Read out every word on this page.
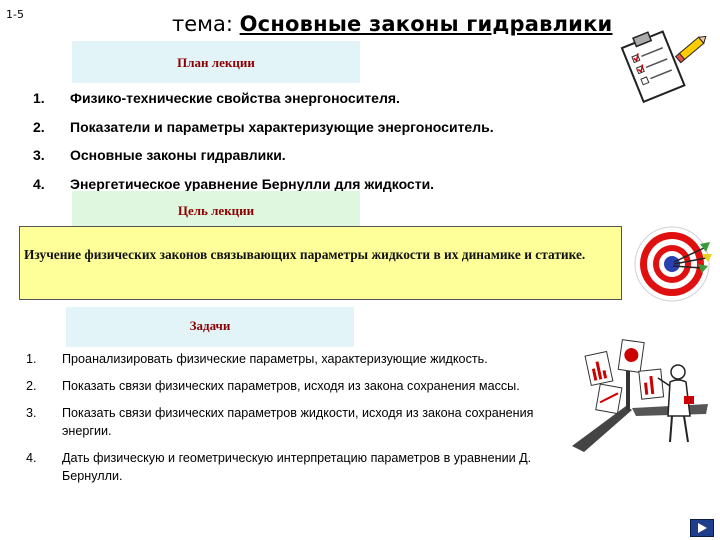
1-5	тема: Основные законы гидравлики
План лекции
1.	Физико-технические свойства энергоносителя.
2.	Показатели и параметры характеризующие энергоноситель.
3.	Основные законы гидравлики.
4.	Энергетическое уравнение Бернулли для жидкости.
Цель лекции
Изучение физических законов связывающих параметры жидкости в их динамике и статике.
Задачи
1.	Проанализировать физические параметры, характеризующие жидкость.
2.	Показать связи физических параметров, исходя из закона сохранения массы.
3.	Показать связи физических параметров жидкости, исходя из закона сохранения энергии.
4.	Дать физическую и геометрическую интерпретацию параметров в уравнении Д. Бернулли.
